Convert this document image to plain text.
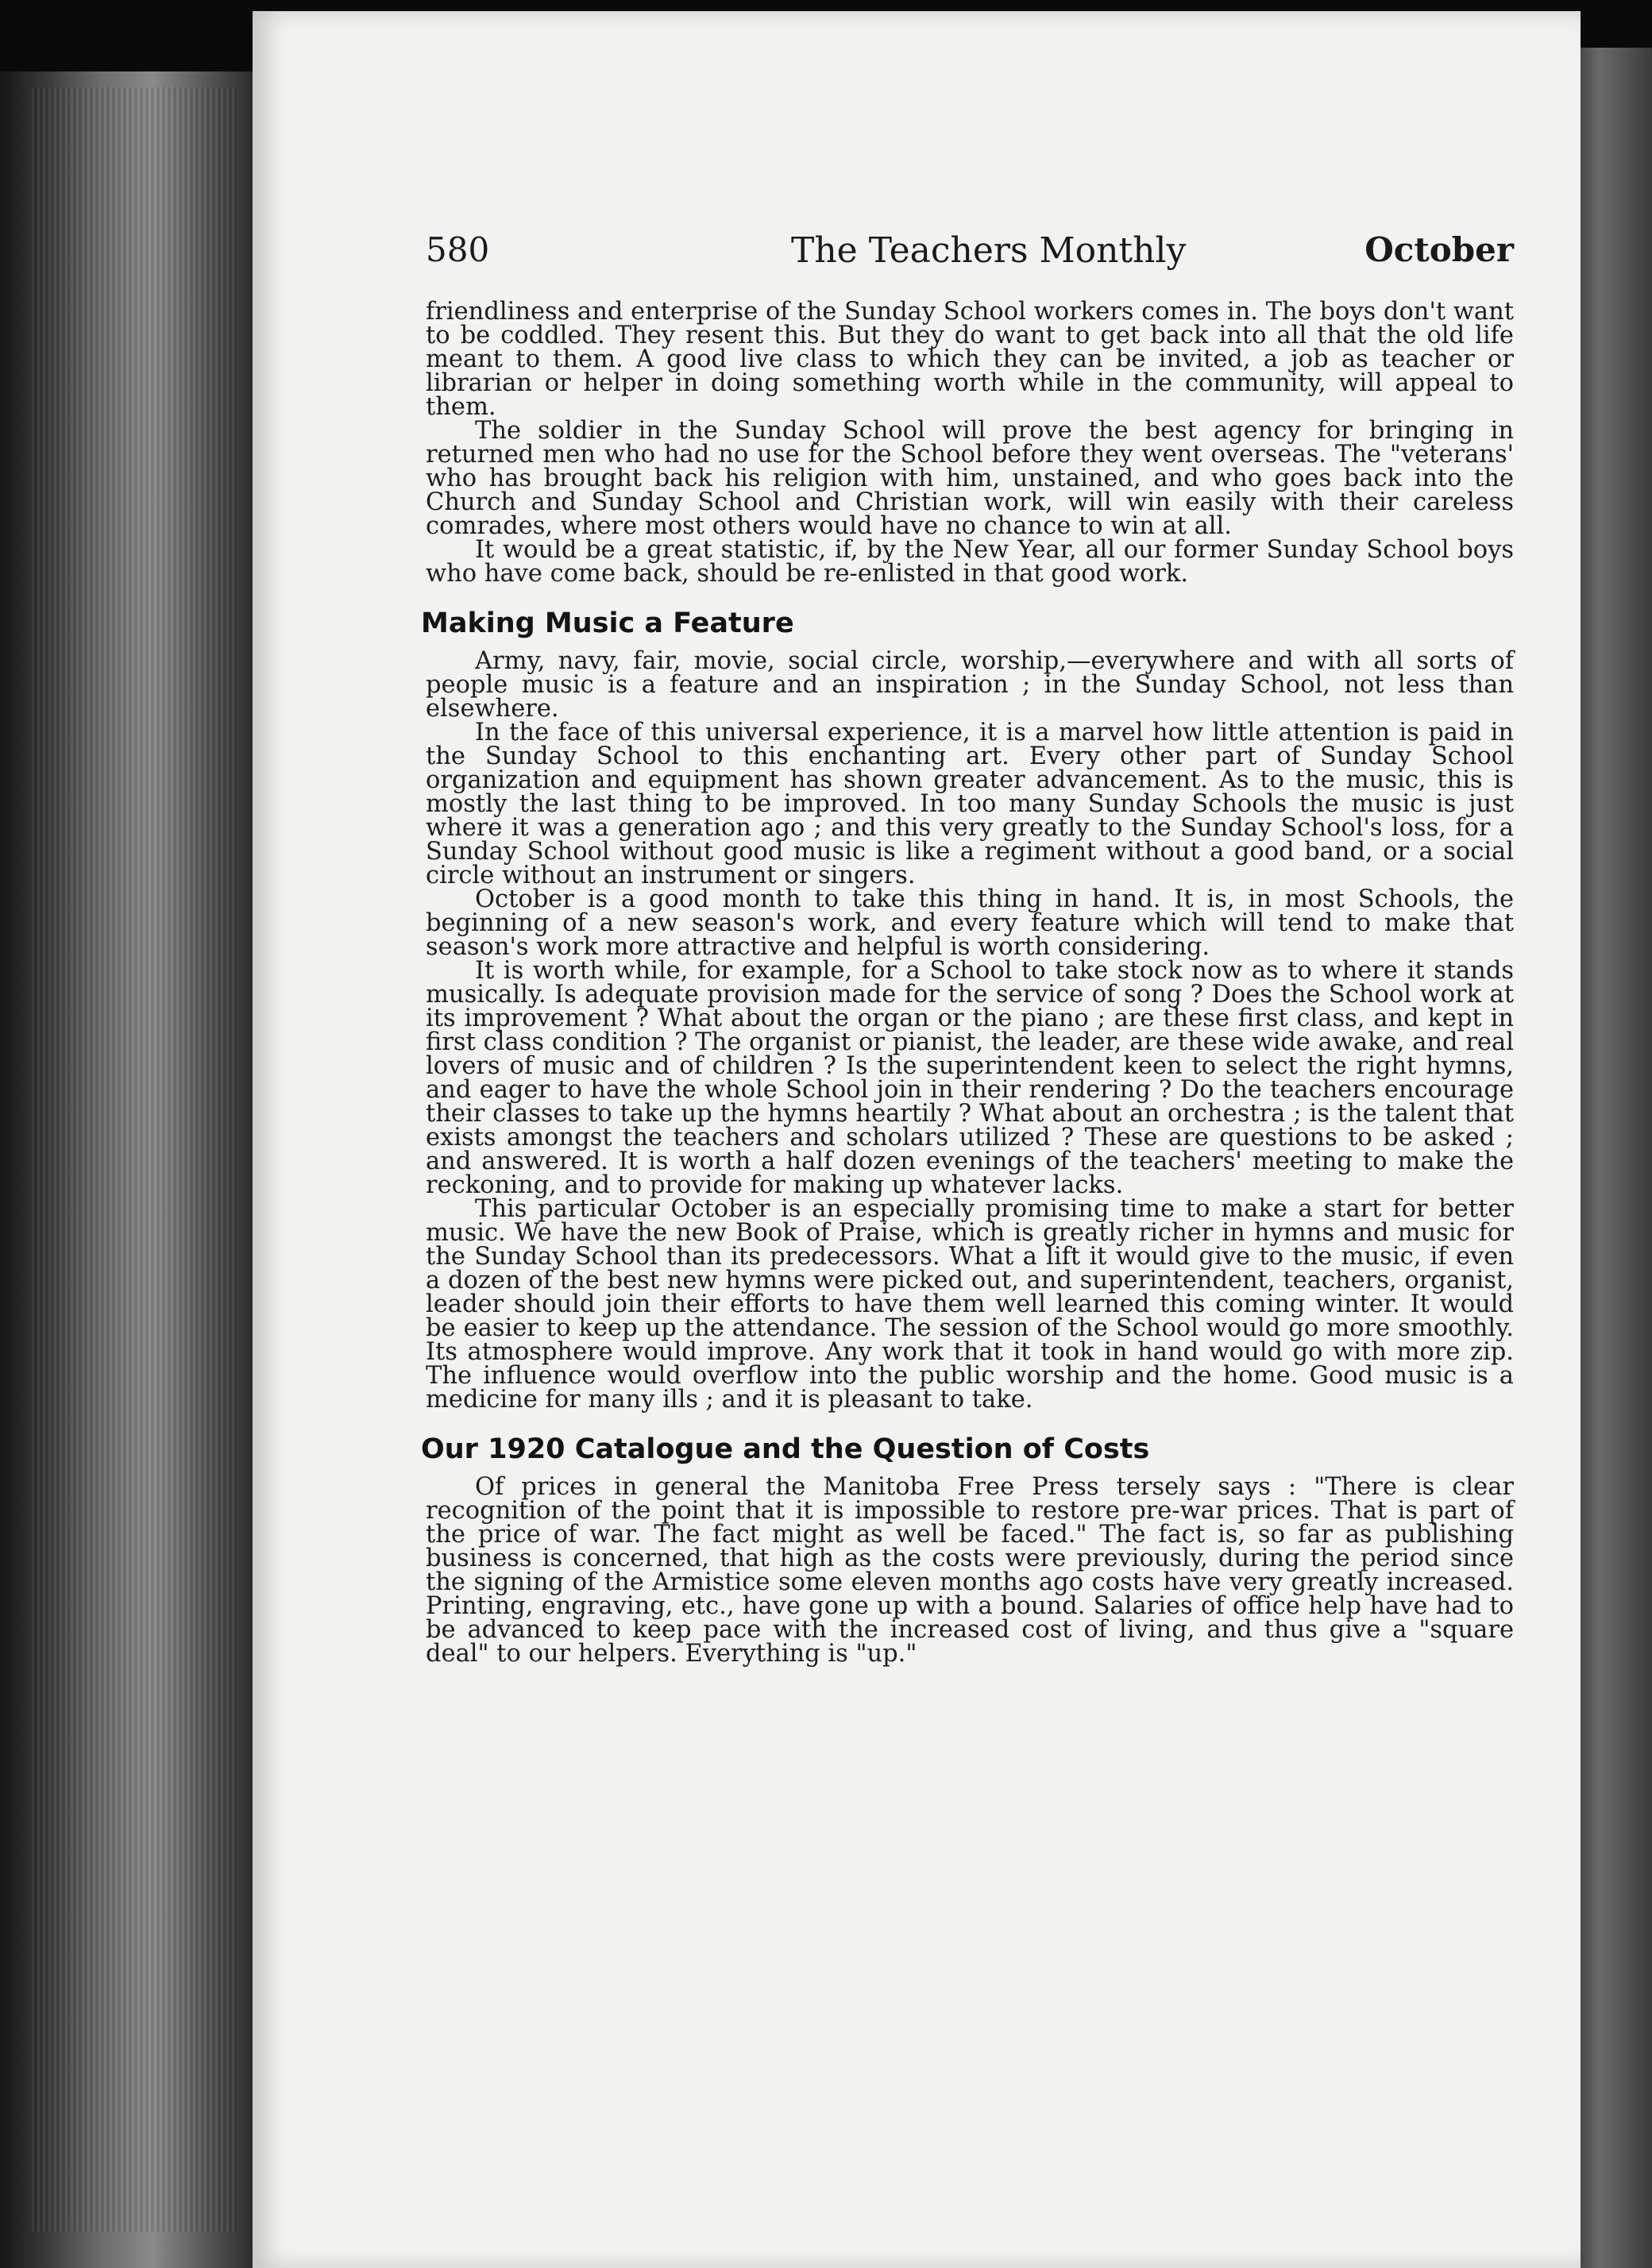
580	The Teachers Monthly	October

friendliness and enterprise of the Sunday School workers comes in. The boys don't want to be coddled. They resent this. But they do want to get back into all that the old life meant to them. A good live class to which they can be invited, a job as teacher or librarian or helper in doing something worth while in the community, will appeal to them.

The soldier in the Sunday School will prove the best agency for bringing in returned men who had no use for the School before they went overseas. The "veterans' who has brought back his religion with him, unstained, and who goes back into the Church and Sunday School and Christian work, will win easily with their careless comrades, where most others would have no chance to win at all.

It would be a great statistic, if, by the New Year, all our former Sunday School boys who have come back, should be re-enlisted in that good work.

Making Music a Feature

Army, navy, fair, movie, social circle, worship,—everywhere and with all sorts of people music is a feature and an inspiration ; in the Sunday School, not less than elsewhere.

In the face of this universal experience, it is a marvel how little attention is paid in the Sunday School to this enchanting art. Every other part of Sunday School organization and equipment has shown greater advancement. As to the music, this is mostly the last thing to be improved. In too many Sunday Schools the music is just where it was a generation ago ; and this very greatly to the Sunday School's loss, for a Sunday School without good music is like a regiment without a good band, or a social circle without an instrument or singers.

October is a good month to take this thing in hand. It is, in most Schools, the beginning of a new season's work, and every feature which will tend to make that season's work more attractive and helpful is worth considering.

It is worth while, for example, for a School to take stock now as to where it stands musically. Is adequate provision made for the service of song ? Does the School work at its improvement ? What about the organ or the piano ; are these first class, and kept in first class condition ? The organist or pianist, the leader, are these wide awake, and real lovers of music and of children ? Is the superintendent keen to select the right hymns, and eager to have the whole School join in their rendering ? Do the teachers encourage their classes to take up the hymns heartily ? What about an orchestra ; is the talent that exists amongst the teachers and scholars utilized ? These are questions to be asked ; and answered. It is worth a half dozen evenings of the teachers' meeting to make the reckoning, and to provide for making up whatever lacks.

This particular October is an especially promising time to make a start for better music. We have the new Book of Praise, which is greatly richer in hymns and music for the Sunday School than its predecessors. What a lift it would give to the music, if even a dozen of the best new hymns were picked out, and superintendent, teachers, organist, leader should join their efforts to have them well learned this coming winter. It would be easier to keep up the attendance. The session of the School would go more smoothly. Its atmosphere would improve. Any work that it took in hand would go with more zip. The influence would overflow into the public worship and the home. Good music is a medicine for many ills ; and it is pleasant to take.

Our 1920 Catalogue and the Question of Costs

Of prices in general the Manitoba Free Press tersely says : "There is clear recognition of the point that it is impossible to restore pre-war prices. That is part of the price of war. The fact might as well be faced." The fact is, so far as publishing business is concerned, that high as the costs were previously, during the period since the signing of the Armistice some eleven months ago costs have very greatly increased. Printing, engraving, etc., have gone up with a bound. Salaries of office help have had to be advanced to keep pace with the increased cost of living, and thus give a "square deal" to our helpers. Everything is "up."
